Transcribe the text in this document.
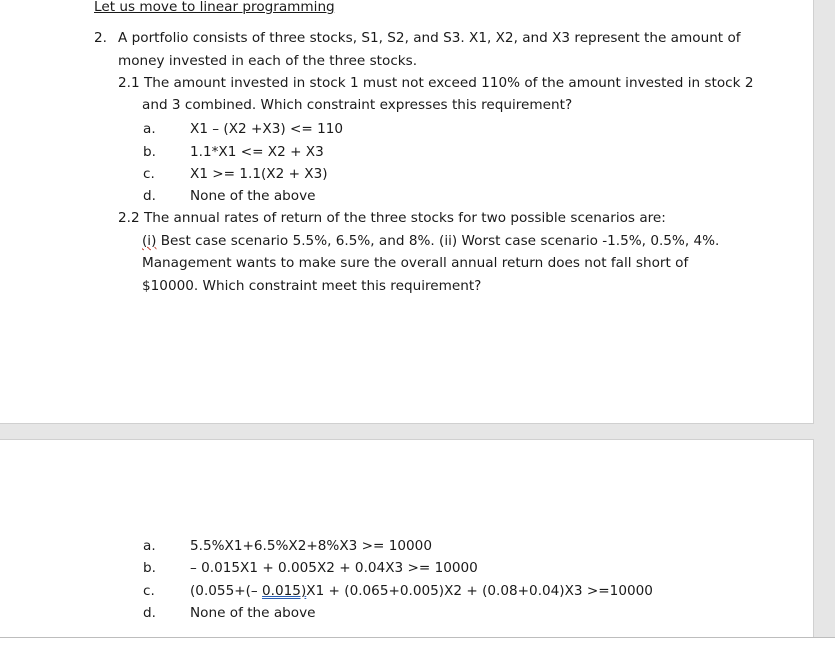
Let us move to linear programming
2. A portfolio consists of three stocks, S1, S2, and S3. X1, X2, and X3 represent the amount of
money invested in each of the three stocks.
2.1 The amount invested in stock 1 must not exceed 110% of the amount invested in stock 2
and 3 combined. Which constraint expresses this requirement?
a.	X1 – (X2 +X3) <= 110
b.	1.1*X1 <= X2 + X3
c.	X1 >= 1.1(X2 + X3)
d.	None of the above
2.2 The annual rates of return of the three stocks for two possible scenarios are:
(i) Best case scenario 5.5%, 6.5%, and 8%. (ii) Worst case scenario -1.5%, 0.5%, 4%.
Management wants to make sure the overall annual return does not fall short of
$10000. Which constraint meet this requirement?
a.	5.5%X1+6.5%X2+8%X3 >= 10000
b.	– 0.015X1 + 0.005X2 + 0.04X3 >= 10000
c.	(0.055+(– 0.015)X1 + (0.065+0.005)X2 + (0.08+0.04)X3 >=10000
d.	None of the above
